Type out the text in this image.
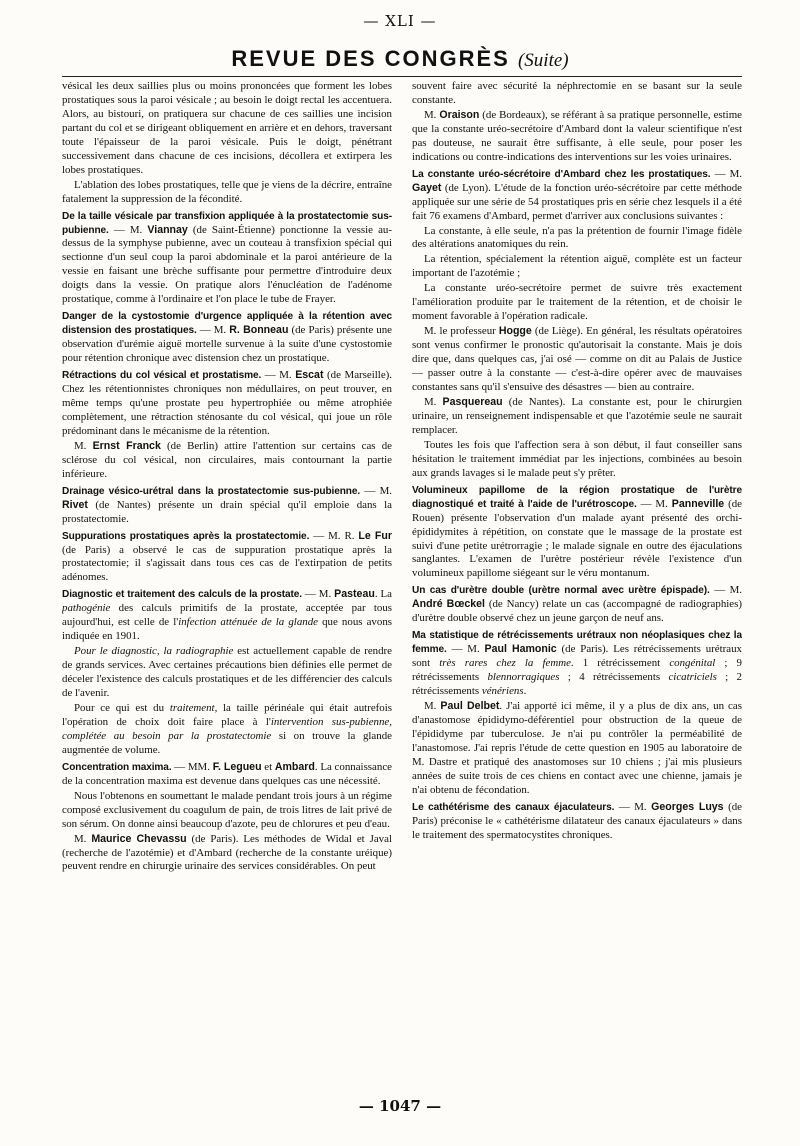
— XLI —
REVUE DES CONGRÈS (Suite)

vésical les deux saillies plus ou moins prononcées que forment les lobes prostatiques sous la paroi vésicale ; au besoin le doigt rectal les accentuera. Alors, au bistouri, on pratiquera sur chacune de ces saillies une incision partant du col et se dirigeant obliquement en arrière et en dehors, traversant toute l'épaisseur de la paroi vésicale. Puis le doigt, pénétrant successivement dans chacune de ces incisions, décollera et extirpera les lobes prostatiques.

L'ablation des lobes prostatiques, telle que je viens de la décrire, entraîne fatalement la suppression de la fécondité.

De la taille vésicale par transfixion appliquée à la prostatectomie sus-pubienne. — M. Viannay (de Saint-Étienne) ponctionne la vessie au-dessus de la symphyse pubienne, avec un couteau à transfixion spécial qui sectionne d'un seul coup la paroi abdominale et la paroi antérieure de la vessie en faisant une brèche suffisante pour permettre d'introduire deux doigts dans la vessie. On pratique alors l'énucléation de l'adénome prostatique, comme à l'ordinaire et l'on place le tube de Frayer.

Danger de la cystostomie d'urgence appliquée à la rétention avec distension des prostatiques. — M. R. Bonneau (de Paris) présente une observation d'urémie aiguë mortelle survenue à la suite d'une cystostomie pour rétention chronique avec distension chez un prostatique.

Rétractions du col vésical et prostatisme. — M. Escat (de Marseille). Chez les rétentionnistes chroniques non médullaires, on peut trouver, en même temps qu'une prostate peu hypertrophiée ou même atrophiée complètement, une rétraction sténosante du col vésical, qui joue un rôle prédominant dans le mécanisme de la rétention.

M. Ernst Franck (de Berlin) attire l'attention sur certains cas de sclérose du col vésical, non circulaires, mais contournant la partie inférieure.

Drainage vésico-urétral dans la prostatectomie sus-pubienne. — M. Rivet (de Nantes) présente un drain spécial qu'il emploie dans la prostatectomie.

Suppurations prostatiques après la prostatectomie. — M. R. Le Fur (de Paris) a observé le cas de suppuration prostatique après la prostatectomie; il s'agissait dans tous ces cas de l'extirpation de petits adénomes.

Diagnostic et traitement des calculs de la prostate. — M. Pasteau. La pathogénie des calculs primitifs de la prostate, acceptée par tous aujourd'hui, est celle de l'infection atténuée de la glande que nous avons indiquée en 1901.

Pour le diagnostic, la radiographie est actuellement capable de rendre de grands services. Avec certaines précautions bien définies elle permet de déceler l'existence des calculs prostatiques et de les différencier des calculs de l'avenir.

Pour ce qui est du traitement, la taille périnéale qui était autrefois l'opération de choix doit faire place à l'intervention sus-pubienne, complétée au besoin par la prostatectomie si on trouve la glande augmentée de volume.

Concentration maxima. — MM. F. Legueu et Ambard. La connaissance de la concentration maxima est devenue dans quelques cas une nécessité.

Nous l'obtenons en soumettant le malade pendant trois jours à un régime composé exclusivement du coagulum de pain, de trois litres de lait privé de son sérum. On donne ainsi beaucoup d'azote, peu de chlorures et peu d'eau.

M. Maurice Chevassu (de Paris). Les méthodes de Widal et Javal (recherche de l'azotémie) et d'Ambard (recherche de la constante uréique) peuvent rendre en chirurgie urinaire des services considérables. On peut

souvent faire avec sécurité la néphrectomie en se basant sur la seule constante.

M. Oraison (de Bordeaux), se référant à sa pratique personnelle, estime que la constante uréo-secrétoire d'Ambard dont la valeur scientifique n'est pas douteuse, ne saurait être suffisante, à elle seule, pour poser les indications ou contre-indications des interventions sur les voies urinaires.

La constante uréo-sécrétoire d'Ambard chez les prostatiques. — M. Gayet (de Lyon). L'étude de la fonction uréo-sécrétoire par cette méthode appliquée sur une série de 54 prostatiques pris en série chez lesquels il a été fait 76 examens d'Ambard, permet d'arriver aux conclusions suivantes :

La constante, à elle seule, n'a pas la prétention de fournir l'image fidèle des altérations anatomiques du rein.

La rétention, spécialement la rétention aiguë, complète est un facteur important de l'azotémie ;

La constante uréo-secrétoire permet de suivre très exactement l'amélioration produite par le traitement de la rétention, et de choisir le moment favorable à l'opération radicale.

M. le professeur Hogge (de Liège). En général, les résultats opératoires sont venus confirmer le pronostic qu'autorisait la constante. Mais je dois dire que, dans quelques cas, j'ai osé — comme on dit au Palais de Justice — passer outre à la constante — c'est-à-dire opérer avec de mauvaises constantes sans qu'il s'ensuive des désastres — bien au contraire.

M. Pasquereau (de Nantes). La constante est, pour le chirurgien urinaire, un renseignement indispensable et que l'azotémie seule ne saurait remplacer.

Toutes les fois que l'affection sera à son début, il faut conseiller sans hésitation le traitement immédiat par les injections, combinées au besoin aux grands lavages si le malade peut s'y prêter.

Volumineux papillome de la région prostatique de l'urètre diagnostiqué et traité à l'aide de l'urétroscope. — M. Panneville (de Rouen) présente l'observation d'un malade ayant présenté des orchi-épididymites à répétition, on constate que le massage de la prostate est suivi d'une petite urétrorragie ; le malade signale en outre des éjaculations sanglantes. L'examen de l'urètre postérieur révèle l'existence d'un volumineux papillome siégeant sur le véru montanum.

Un cas d'urètre double (urètre normal avec urètre épispade). — M. André Bœckel (de Nancy) relate un cas (accompagné de radiographies) d'urètre double observé chez un jeune garçon de neuf ans.

Ma statistique de rétrécissements urétraux non néoplasiques chez la femme. — M. Paul Hamonic (de Paris). Les rétrécissements urétraux sont très rares chez la femme. 1 rétrécissement congénital ; 9 rétrécissements blennorragiques ; 4 rétrécissements cicatriciels ; 2 rétrécissements vénériens.

M. Paul Delbet. J'ai apporté ici même, il y a plus de dix ans, un cas d'anastomose épididymo-déférentiel pour obstruction de la queue de l'épididyme par tuberculose. Je n'ai pu contrôler la perméabilité de l'anastomose. J'ai repris l'étude de cette question en 1905 au laboratoire de M. Dastre et pratiqué des anastomoses sur 10 chiens ; j'ai mis plusieurs années de suite trois de ces chiens en contact avec une chienne, jamais je n'ai obtenu de fécondation.

Le cathétérisme des canaux éjaculateurs. — M. Georges Luys (de Paris) préconise le « cathétérisme dilatateur des canaux éjaculateurs » dans le traitement des spermatocystites chroniques.

— 1047 —
